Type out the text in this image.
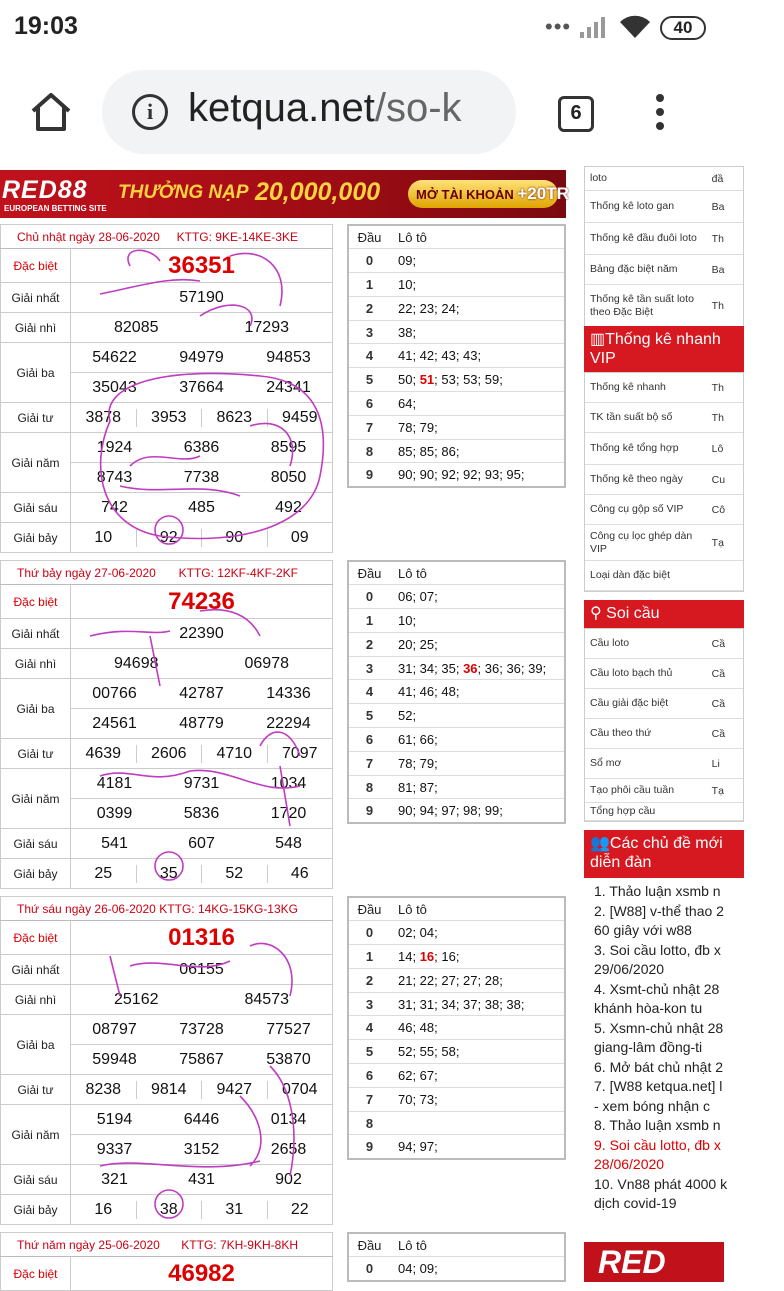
19:03	•••	40
i ketqua.net/so-k	6
RED88
EUROPEAN BETTING SITE
THƯỞNG NẠP 20,000,000	MỞ TÀI KHOẢN +20TR
Chủ nhật ngày 28-06-2020 KTTG: 9KE-14KE-3KE	

Đặc biệt	36351
Giải nhất	57190
Giải nhì	82085 17293

Giải ba	54622 94979 94853

	35043 37664 24341

Giải tư	3878 3953 8623 9459

Giải năm	1924 6386 8595

	8743 7738 8050

Giải sáu	742 485 492

Giải bảy	10 92 90 09
Đầu	Lô tô
0	09;
1	10;
2	22; 23; 24;
3	38;
4	41; 42; 43; 43;
5	50; 51; 53; 53; 59;
6	64;
7	78; 79;
8	85; 85; 86;
9	90; 90; 92; 92; 93; 95;
Thứ bảy ngày 27-06-2020 KTTG: 12KF-4KF-2KF	

Đặc biệt	74236
Giải nhất	22390
Giải nhì	94698 06978

Giải ba	00766 42787 14336

	24561 48779 22294

Giải tư	4639 2606 4710 7097

Giải năm	4181 9731 1034

	0399 5836 1720

Giải sáu	541 607 548

Giải bảy	25 35 52 46
Đầu	Lô tô
0	06; 07;
1	10;
2	20; 25;
3	31; 34; 35; 36; 36; 36; 39;
4	41; 46; 48;
5	52;
6	61; 66;
7	78; 79;
8	81; 87;
9	90; 94; 97; 98; 99;
Thứ sáu ngày 26-06-2020 KTTG: 14KG-15KG-13KG	

Đặc biệt	01316
Giải nhất	06155
Giải nhì	25162 84573

Giải ba	08797 73728 77527

	59948 75867 53870

Giải tư	8238 9814 9427 0704

Giải năm	5194 6446 0134

	9337 3152 2658

Giải sáu	321 431 902

Giải bảy	16 38 31 22
Đầu	Lô tô
0	02; 04;
1	14; 16; 16;
2	21; 22; 27; 27; 28;
3	31; 31; 34; 37; 38; 38;
4	46; 48;
5	52; 55; 58;
6	62; 67;
7	70; 73;
8	
9	94; 97;
Thứ năm ngày 25-06-2020 KTTG: 7KH-9KH-8KH

Đặc biệt	46982
Đầu	Lô tô
0	04; 09;
loto	đầ
Thống kê loto gan	Ba
Thống kê đầu đuôi loto	Th
Bảng đặc biệt năm	Ba
Thống kê tần suất loto theo Đặc Biệt	Th
▥Thống kê nhanh VIP
Thống kê nhanh	Th
TK tần suất bộ số	Th
Thống kê tổng hợp	Lô
Thống kê theo ngày	Cu
Công cụ gộp số VIP	Cô
Công cụ lọc ghép dàn VIP	Tạ
Loại dàn đặc biệt
⚲ Soi cầu
Cầu loto	Cầ
Cầu loto bạch thủ	Cầ
Cầu giải đặc biệt	Cầ
Cầu theo thứ	Cầ
Sổ mơ	Li
Tạo phôi cầu tuần	Tạ
Tổng hợp cầu
👥Các chủ đề mới diễn đàn
1. Thảo luận xsmb n
2. [W88] v-thể thao 2
60 giây với w88
3. Soi cầu lotto, đb x
29/06/2020
4. Xsmt-chủ nhật 28
khánh hòa-kon tu
5. Xsmn-chủ nhật 28
giang-lâm đồng-ti
6. Mở bát chủ nhật 2
7. [W88 ketqua.net] l
- xem bóng nhận c
8. Thảo luận xsmb n
9. Soi cầu lotto, đb x
28/06/2020
10. Vn88 phát 4000 k
dịch covid-19
RED
